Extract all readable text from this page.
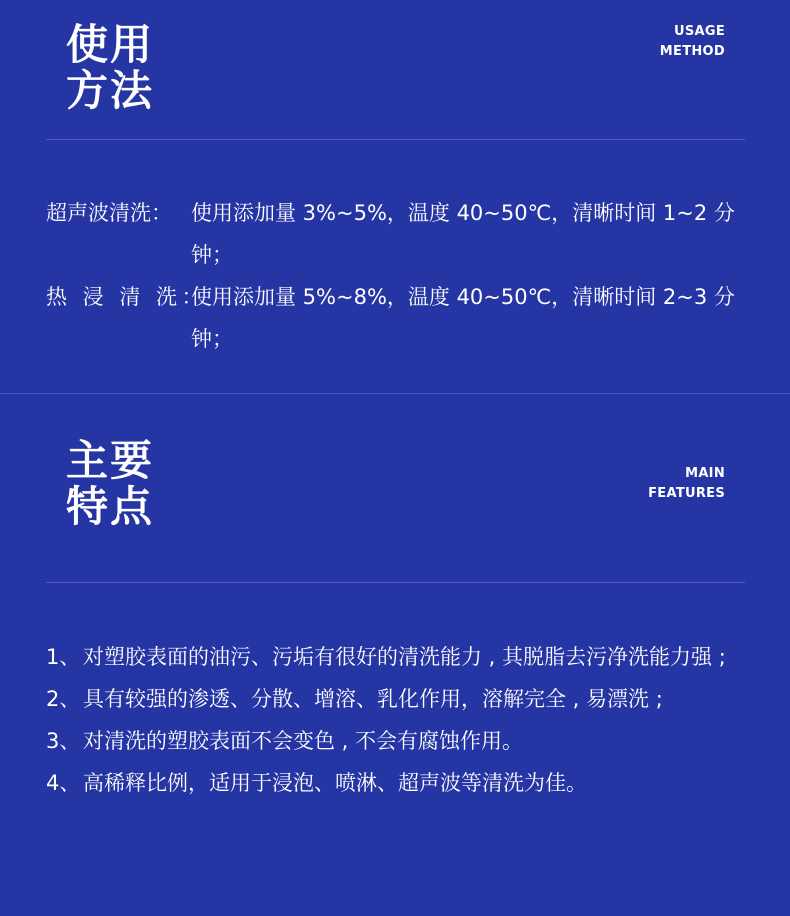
使用
方法
USAGE
METHOD
超声波清洗： 使用添加量 3%~5%，温度 40~50℃，清晰时间 1~2 分钟；
热 浸 清 洗：
使用添加量 5%~8%，温度 40~50℃，清晰时间 2~3 分钟；
主要
特点
MAIN
FEATURES
1、 对塑胶表面的油污、污垢有很好的清洗能力 , 其脱脂去污净洗能力强 ;
2、 具有较强的渗透、分散、增溶、乳化作用，溶解完全 , 易漂洗 ;
3、 对清洗的塑胶表面不会变色 , 不会有腐蚀作用。
4、 高稀释比例，适用于浸泡、喷淋、超声波等清洗为佳。
